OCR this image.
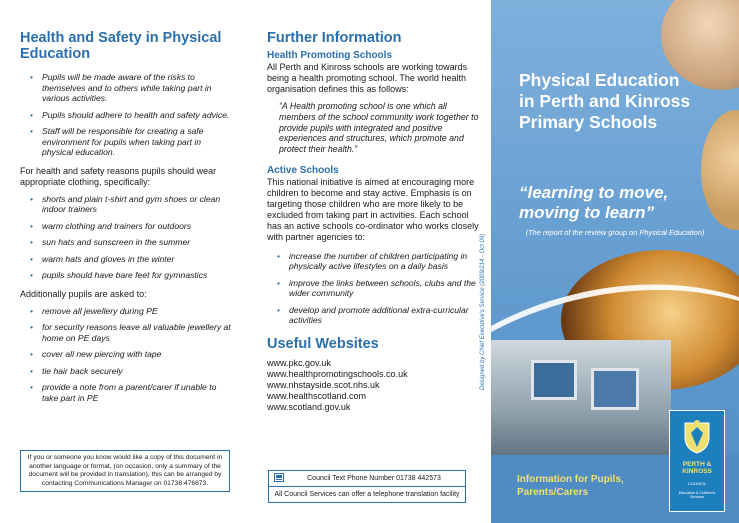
Health and Safety in Physical Education
• Pupils will be made aware of the risks to themselves and to others while taking part in various activities.
• Pupils should adhere to health and safety advice.
• Staff will be responsible for creating a safe environment for pupils when taking part in physical education.

For health and safety reasons pupils should wear appropriate clothing, specifically:

• shorts and plain t-shirt and gym shoes or clean indoor trainers
• warm clothing and trainers for outdoors
• sun hats and sunscreen in the summer
• warm hats and gloves in the winter
• pupils should have bare feet for gymnastics

Additionally pupils are asked to:

• remove all jewellery during PE
• for security reasons leave all valuable jewellery at home on PE days
• cover all new piercing with tape
• tie hair back securely
• provide a note from a parent/carer if unable to take part in PE
If you or someone you know would like a copy of this document in another language or format, (on occasion, only a summary of the document will be provided in translation), this can be arranged by contacting Communications Manager on 01738 476873.
Further Information
Health Promoting Schools

All Perth and Kinross schools are working towards being a health promoting school. The world health organisation defines this as follows:

“A Health promoting school is one which all members of the school community work together to provide pupils with integrated and positive experiences and structures, which promote and protect their health.”
Active Schools

This national initiative is aimed at encouraging more children to become and stay active. Emphasis is on targeting those children who are more likely to be excluded from taking part in activities. Each school has an active schools co-ordinator who works closely with partner agencies to:

• increase the number of children participating in physically active lifestyles on a daily basis
• improve the links between schools, clubs and the wider community
• develop and promote additional extra-curricular activities
Useful Websites

www.pkc.gov.uk

www.healthpromotingschools.co.uk

www.nhstayside.scot.nhs.uk

www.healthscotland.com

www.scotland.gov.uk

Council Text Phone Number 01738 442573
All Council Services can offer a telephone translation facility
Designed by Chief Executive's Service (2009/214 - Oct 09)
Physical Education in Perth and Kinross Primary Schools
“learning to move,
moving to learn”
(The report of the review group on Physical Education)
Information for Pupils,
Parents/Carers
PERTH &
KINROSS
COUNCIL
Education & Children's Services
